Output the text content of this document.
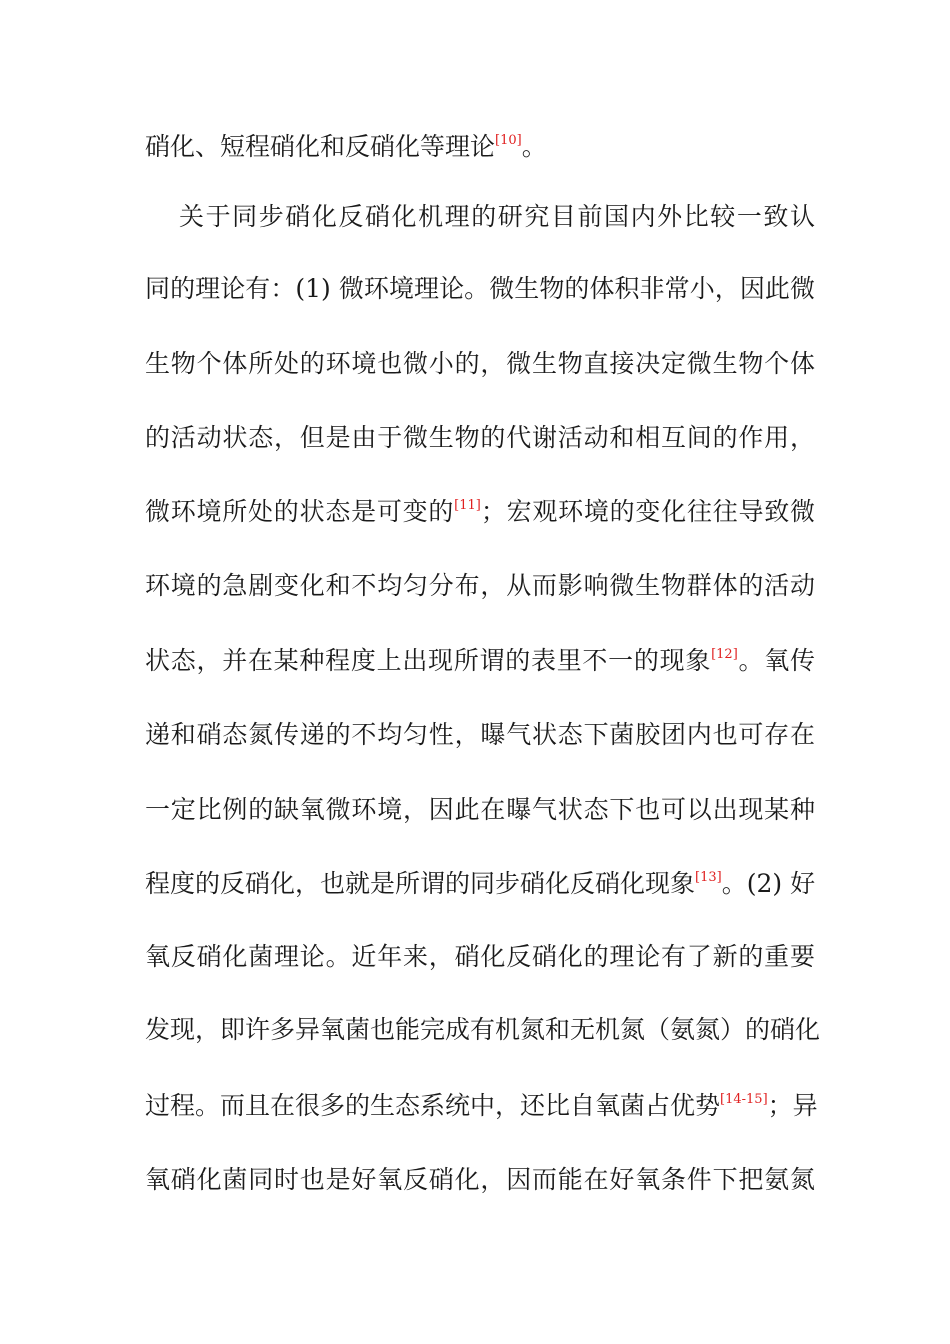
硝化、短程硝化和反硝化等理论[10]。
关于同步硝化反硝化机理的研究目前国内外比较一致认
同的理论有：(1) 微环境理论。微生物的体积非常小，因此微
生物个体所处的环境也微小的，微生物直接决定微生物个体
的活动状态，但是由于微生物的代谢活动和相互间的作用，
微环境所处的状态是可变的[11]；宏观环境的变化往往导致微
环境的急剧变化和不均匀分布，从而影响微生物群体的活动
状态，并在某种程度上出现所谓的表里不一的现象[12]。氧传
递和硝态氮传递的不均匀性，曝气状态下菌胶团内也可存在
一定比例的缺氧微环境，因此在曝气状态下也可以出现某种
程度的反硝化，也就是所谓的同步硝化反硝化现象[13]。(2) 好
氧反硝化菌理论。近年来，硝化反硝化的理论有了新的重要
发现，即许多异氧菌也能完成有机氮和无机氮（氨氮）的硝化
过程。而且在很多的生态系统中，还比自氧菌占优势[14-15]；异
氧硝化菌同时也是好氧反硝化，因而能在好氧条件下把氨氮
